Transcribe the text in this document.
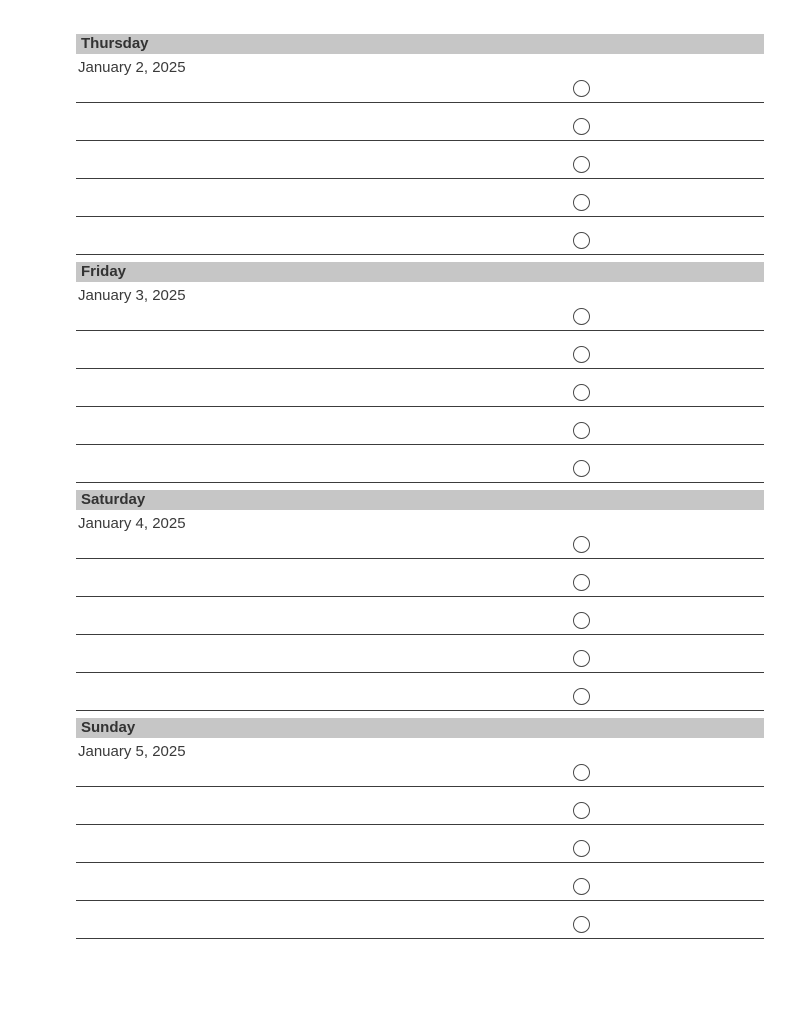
Thursday
January 2, 2025
Friday
January 3, 2025
Saturday
January 4, 2025
Sunday
January 5, 2025
